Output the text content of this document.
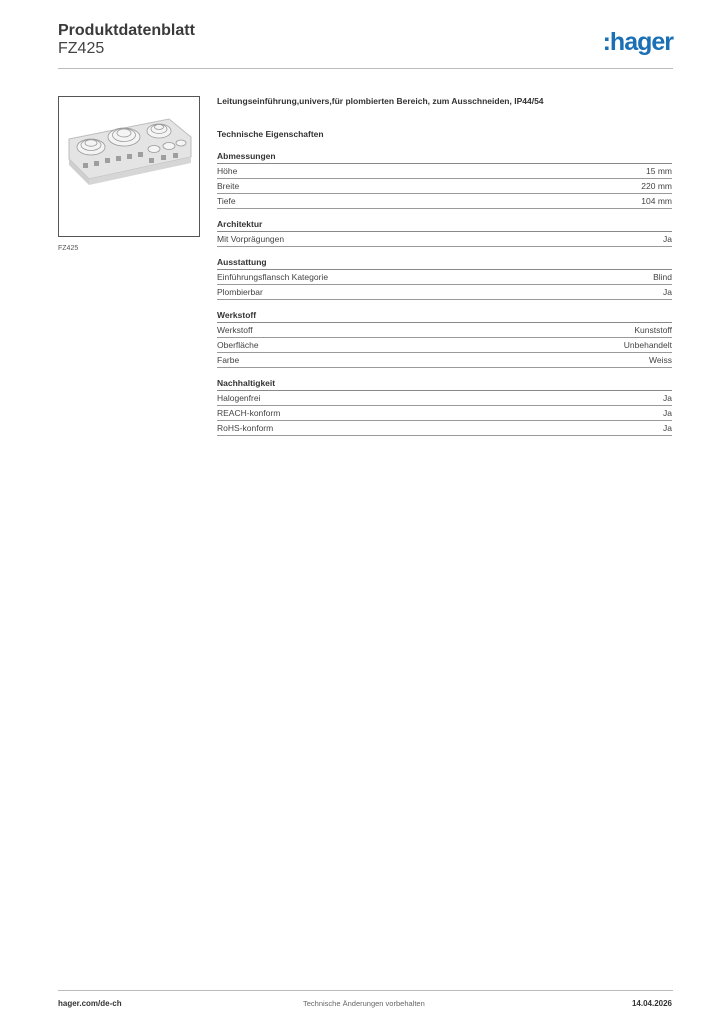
Produktdatenblatt
FZ425	:hager
FZ425
Leitungseinführung,univers,für plombierten Bereich, zum Ausschneiden, IP44/54
Technische Eigenschaften
Abmessungen
Höhe	15 mm
Breite	220 mm
Tiefe	104 mm
Architektur
Mit Vorprägungen	Ja
Ausstattung
Einführungsflansch Kategorie	Blind
Plombierbar	Ja
Werkstoff
Werkstoff	Kunststoff
Oberfläche	Unbehandelt
Farbe	Weiss
Nachhaltigkeit
Halogenfrei	Ja
REACH-konform	Ja
RoHS-konform	Ja
hager.com/de-ch	Technische Änderungen vorbehalten	14.04.2026
